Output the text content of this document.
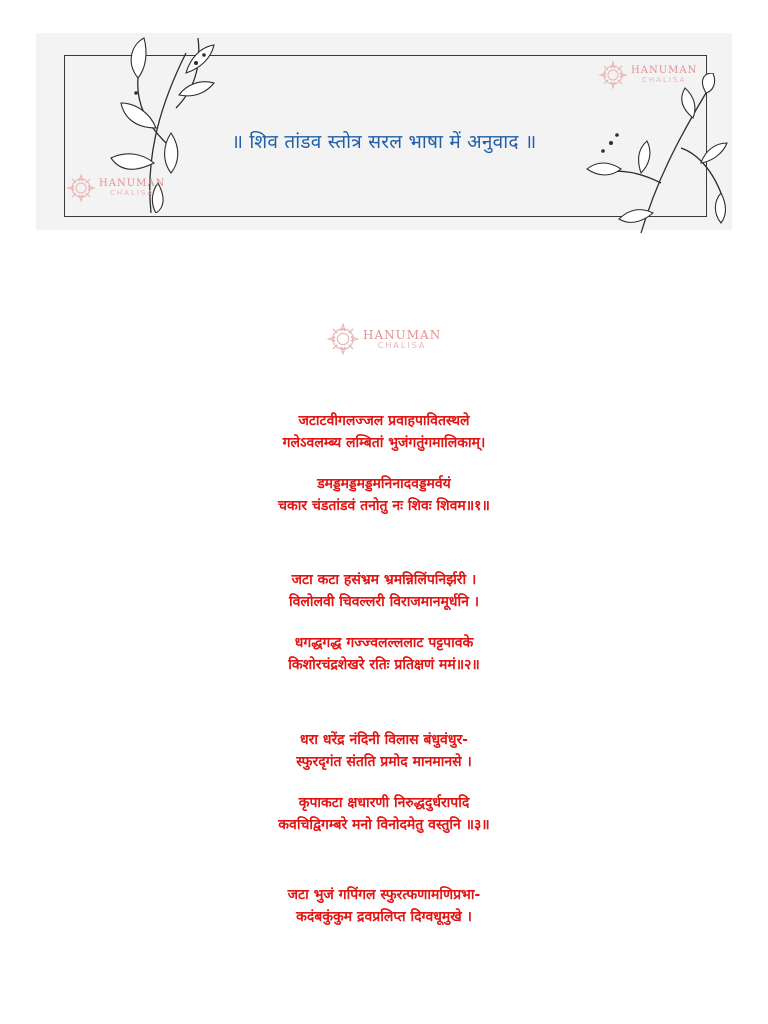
॥ शिव तांडव स्तोत्र सरल भाषा में अनुवाद ॥
HANUMAN
CHALISA
HANUMAN
CHALISA
HANUMAN
CHALISA
जटाटवीगलज्जल प्रवाहपावितस्थले
गलेऽवलम्ब्य लम्बितां भुजंगतुंगमालिकाम्।
डमड्डमड्डमड्डमनिनादवड्डमर्वयं
चकार चंडतांडवं तनोतु नः शिवः शिवम॥१॥
जटा कटा हसंभ्रम भ्रमन्निलिंपनिर्झरी ।
विलोलवी चिवल्लरी विराजमानमूर्धनि ।
धगद्धगद्ध गज्ज्वलल्ललाट पट्टपावके
किशोरचंद्रशेखरे रतिः प्रतिक्षणं ममं॥२॥
धरा धरेंद्र नंदिनी विलास बंधुवंधुर-
स्फुरदृगंत संतति प्रमोद मानमानसे ।
कृपाकटा क्षधारणी निरुद्धदुर्धरापदि
कवचिद्विगम्बरे मनो विनोदमेतु वस्तुनि ॥३॥
जटा भुजं गपिंगल स्फुरत्फणामणिप्रभा-
कदंबकुंकुम द्रवप्रलिप्त दिग्वधूमुखे ।
